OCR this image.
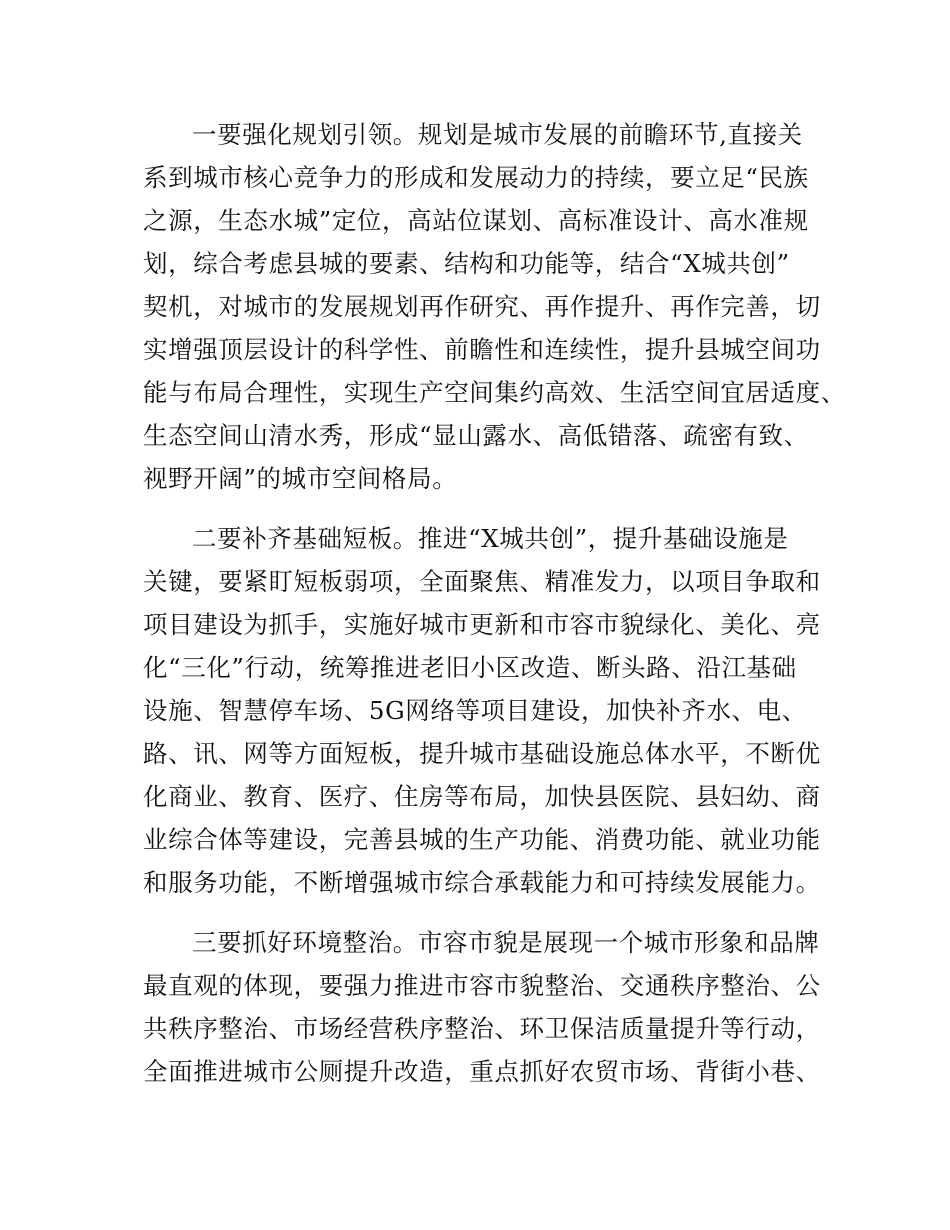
一要强化规划引领。规划是城市发展的前瞻环节,直接关
系到城市核心竞争力的形成和发展动力的持续，要立足“民族
之源，生态水城”定位，高站位谋划、高标准设计、高水准规
划，综合考虑县城的要素、结构和功能等，结合“X城共创”
契机，对城市的发展规划再作研究、再作提升、再作完善，切
实增强顶层设计的科学性、前瞻性和连续性，提升县城空间功
能与布局合理性，实现生产空间集约高效、生活空间宜居适度、
生态空间山清水秀，形成“显山露水、高低错落、疏密有致、
视野开阔”的城市空间格局。
二要补齐基础短板。推进“X城共创”，提升基础设施是
关键，要紧盯短板弱项，全面聚焦、精准发力，以项目争取和
项目建设为抓手，实施好城市更新和市容市貌绿化、美化、亮
化“三化”行动，统筹推进老旧小区改造、断头路、沿江基础
设施、智慧停车场、5G网络等项目建设，加快补齐水、电、
路、讯、网等方面短板，提升城市基础设施总体水平，不断优
化商业、教育、医疗、住房等布局，加快县医院、县妇幼、商
业综合体等建设，完善县城的生产功能、消费功能、就业功能
和服务功能，不断增强城市综合承载能力和可持续发展能力。
三要抓好环境整治。市容市貌是展现一个城市形象和品牌
最直观的体现，要强力推进市容市貌整治、交通秩序整治、公
共秩序整治、市场经营秩序整治、环卫保洁质量提升等行动，
全面推进城市公厕提升改造，重点抓好农贸市场、背街小巷、
